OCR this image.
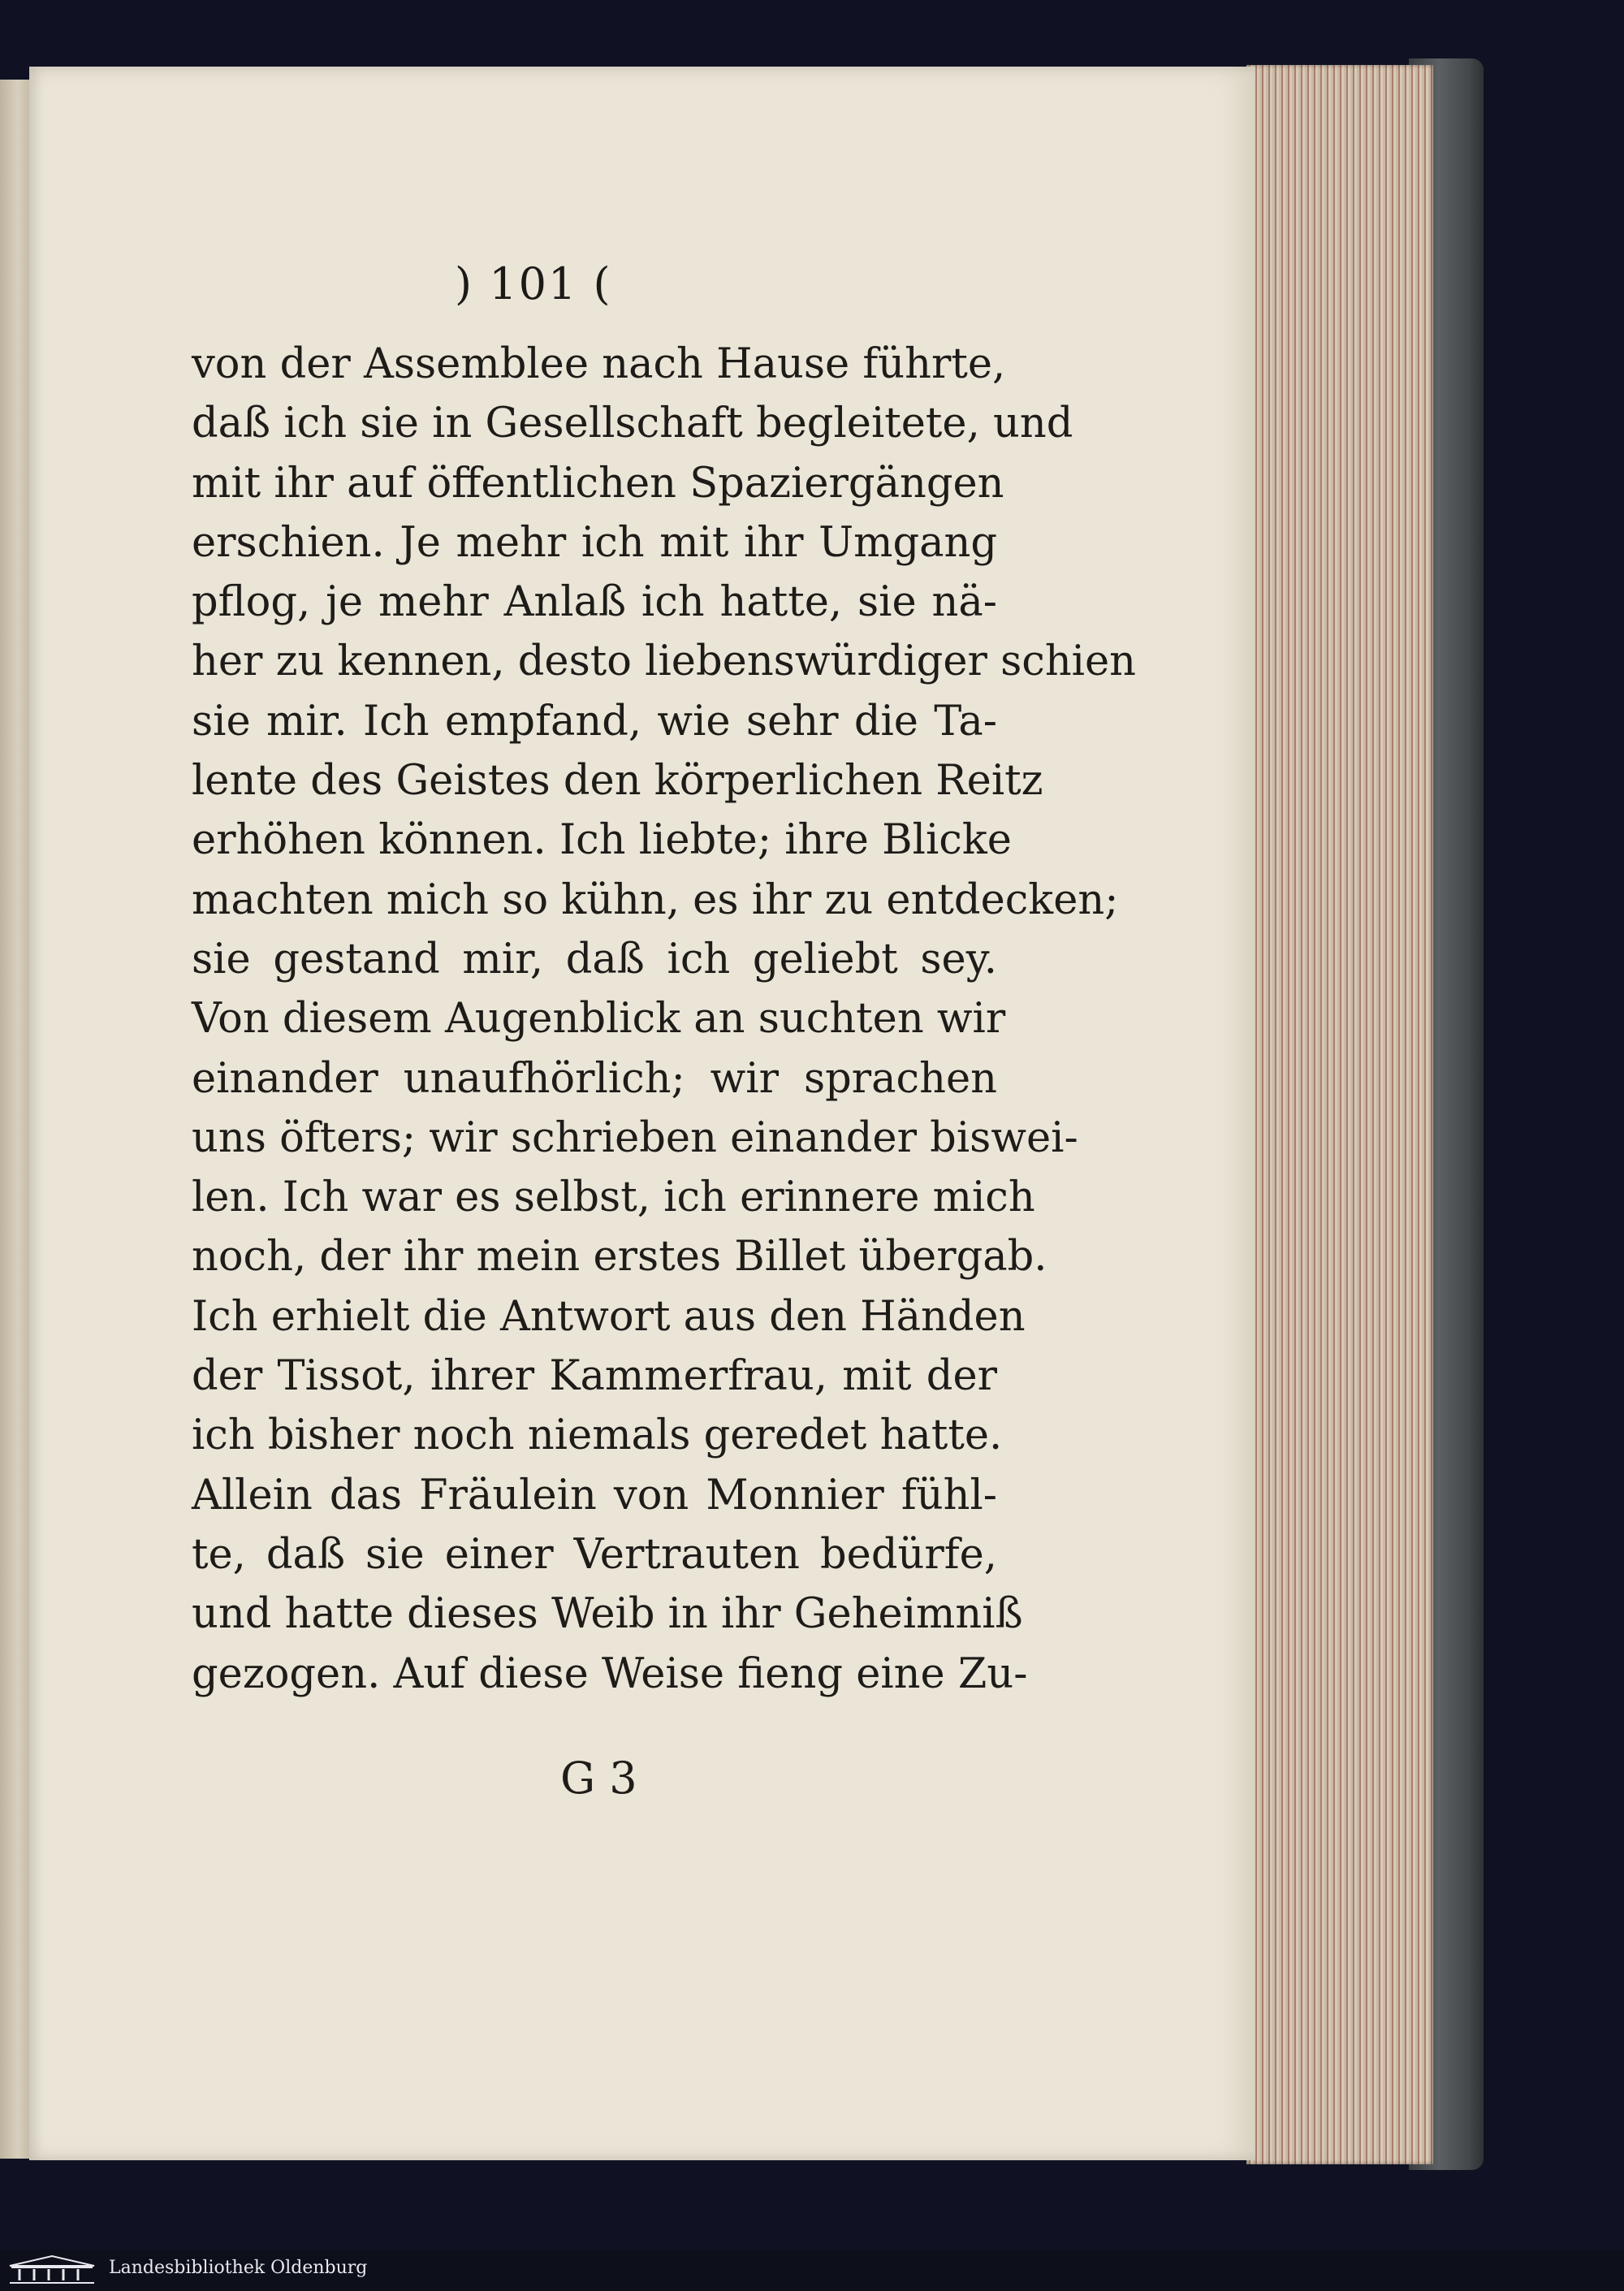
) 101 (
von der Assemblee nach Hause führte,
daß ich sie in Gesellschaft begleitete, und
mit ihr auf öffentlichen Spaziergängen
erschien. Je mehr ich mit ihr Umgang
pflog, je mehr Anlaß ich hatte, sie nä-
her zu kennen, desto liebenswürdiger schien
sie mir. Ich empfand, wie sehr die Ta-
lente des Geistes den körperlichen Reitz
erhöhen können. Ich liebte; ihre Blicke
machten mich so kühn, es ihr zu entdecken;
sie gestand mir, daß ich geliebt sey.
Von diesem Augenblick an suchten wir
einander unaufhörlich; wir sprachen
uns öfters; wir schrieben einander biswei-
len. Ich war es selbst, ich erinnere mich
noch, der ihr mein erstes Billet übergab.
Ich erhielt die Antwort aus den Händen
der Tissot, ihrer Kammerfrau, mit der
ich bisher noch niemals geredet hatte.
Allein das Fräulein von Monnier fühl-
te, daß sie einer Vertrauten bedürfe,
und hatte dieses Weib in ihr Geheimniß
gezogen. Auf diese Weise fieng eine Zu-
G 3
Landesbibliothek Oldenburg
